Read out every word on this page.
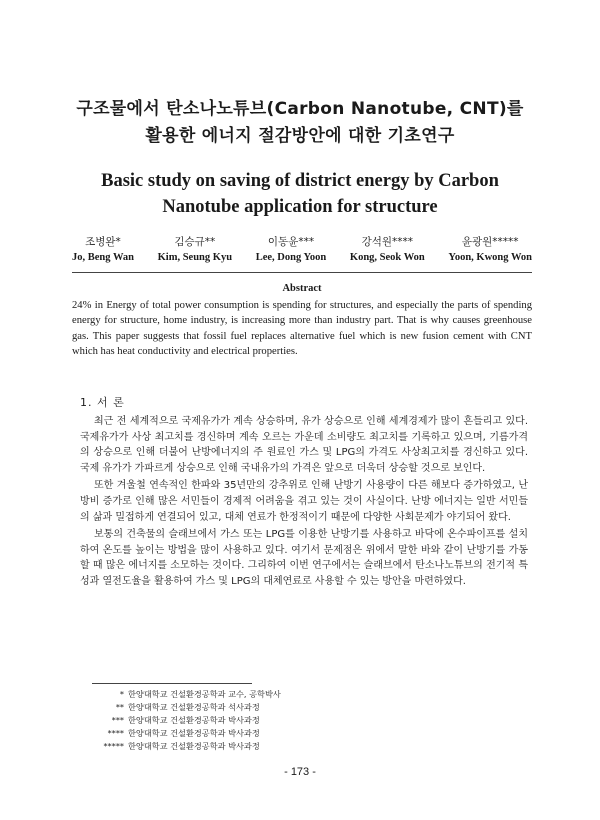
구조물에서 탄소나노튜브(Carbon Nanotube, CNT)를
활용한 에너지 절감방안에 대한 기초연구
Basic study on saving of district energy by Carbon
Nanotube application for structure
조병완*
Jo, Beng Wan
김승규**
Kim, Seung Kyu
이동윤***
Lee, Dong Yoon
강석원****
Kong, Seok Won
윤광원*****
Yoon, Kwong Won
Abstract

24% in Energy of total power consumption is spending for structures, and especially the parts of spending energy for structure, home industry, is increasing more than industry part. That is why causes greenhouse gas. This paper suggests that fossil fuel replaces alternative fuel which is new fusion cement with CNT which has heat conductivity and electrical properties.

1. 서 론

최근 전 세계적으로 국제유가가 계속 상승하며, 유가 상승으로 인해 세계경제가 많이 흔들리고 있다. 국제유가가 사상 최고치를 경신하며 계속 오르는 가운데 소비량도 최고치를 기록하고 있으며, 기름가격의 상승으로 인해 더불어 난방에너지의 주 원료인 가스 및 LPG의 가격도 사상최고치를 경신하고 있다. 국제 유가가 가파르게 상승으로 인해 국내유가의 가격은 앞으로 더욱더 상승할 것으로 보인다.

또한 겨울철 연속적인 한파와 35년만의 강추위로 인해 난방기 사용량이 다른 해보다 증가하였고, 난방비 증가로 인해 많은 서민들이 경제적 어려움을 겪고 있는 것이 사실이다. 난방 에너지는 일반 서민들의 삶과 밀접하게 연결되어 있고, 대체 연료가 한정적이기 때문에 다양한 사회문제가 야기되어 왔다.

보통의 건축물의 슬래브에서 가스 또는 LPG를 이용한 난방기를 사용하고 바닥에 온수파이프를 설치하여 온도를 높이는 방법을 많이 사용하고 있다. 여기서 문제점은 위에서 말한 바와 같이 난방기를 가동할 때 많은 에너지를 소모하는 것이다. 그리하여 이번 연구에서는 슬래브에서 탄소나노튜브의 전기적 특성과 열전도율을 활용하여 가스 및 LPG의 대체연료로 사용할 수 있는 방안을 마련하였다.

* 한양대학교 건설환경공학과 교수, 공학박사
** 한양대학교 건설환경공학과 석사과정
*** 한양대학교 건설환경공학과 박사과정
**** 한양대학교 건설환경공학과 박사과정
***** 한양대학교 건설환경공학과 박사과정
- 173 -
